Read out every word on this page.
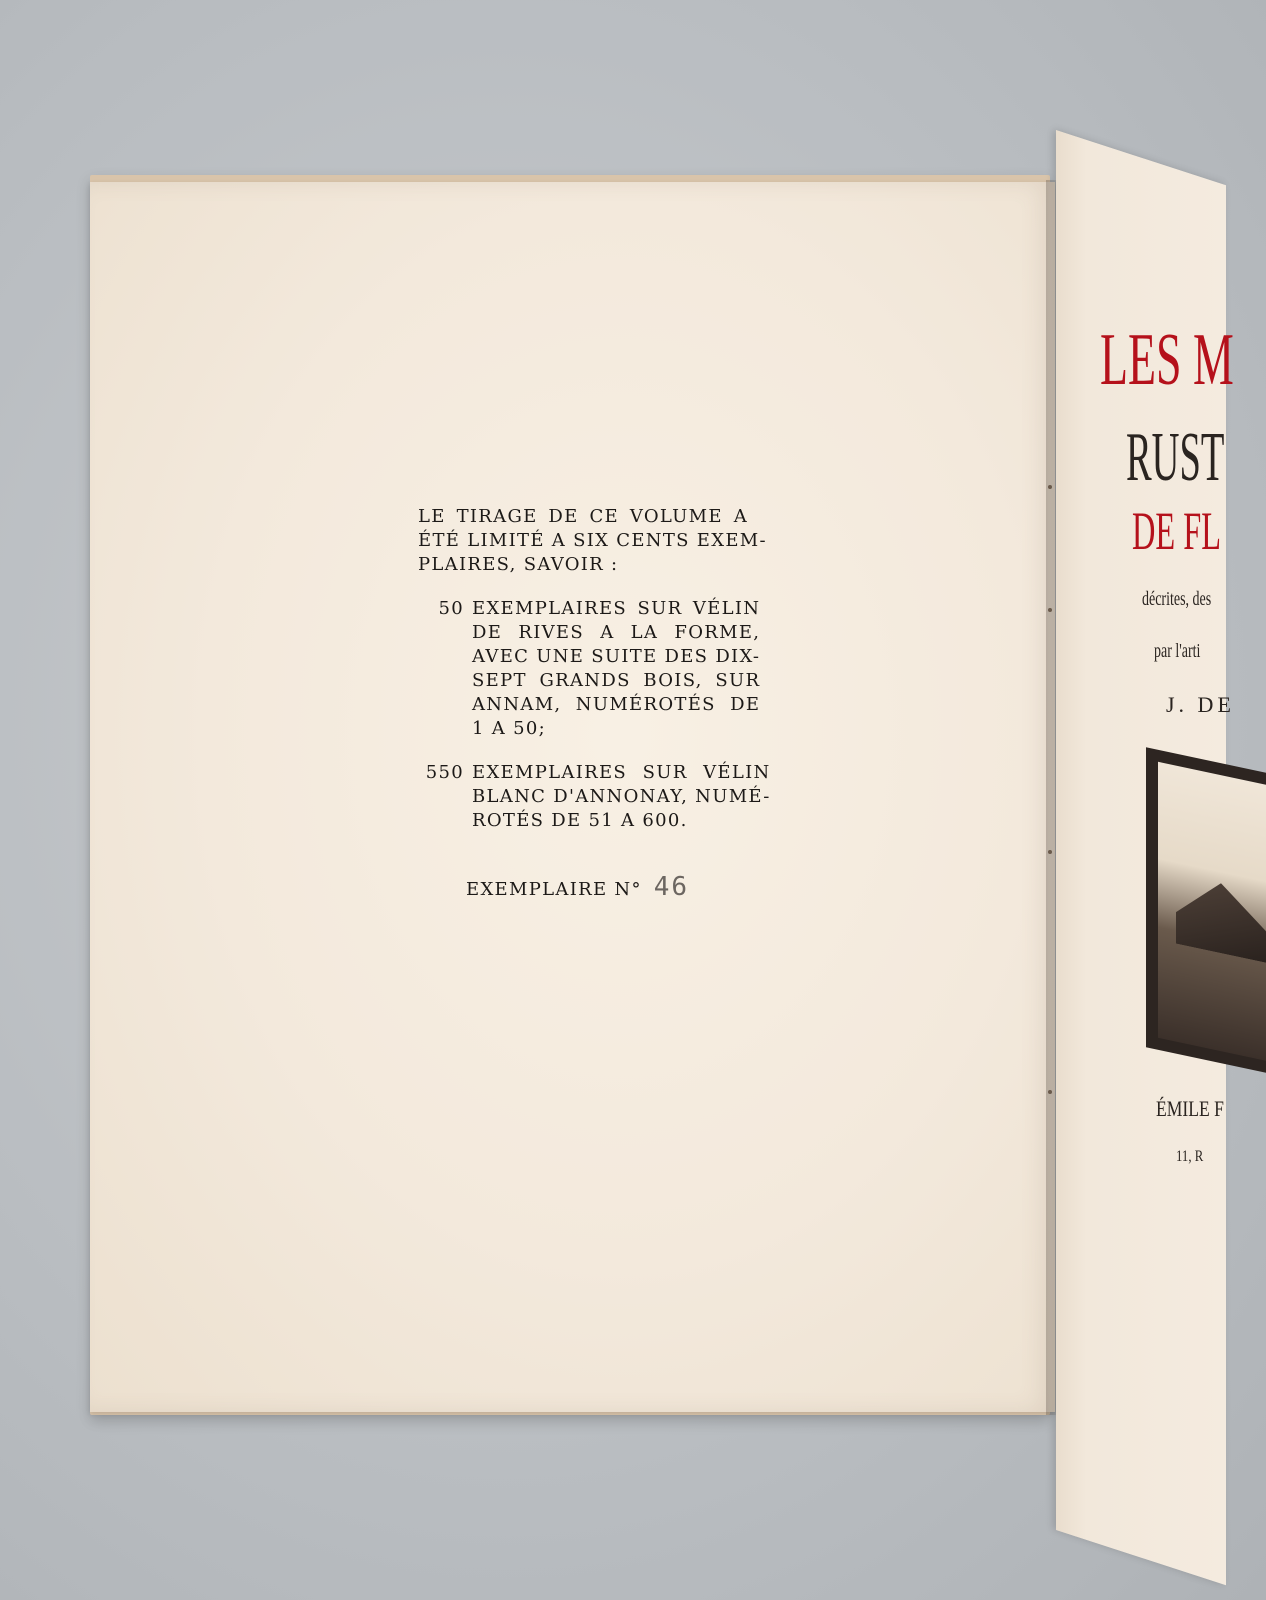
LE TIRAGE DE CE VOLUME A
ÉTÉ LIMITÉ A SIX CENTS EXEM-
PLAIRES, SAVOIR :
50 EXEMPLAIRES SUR VÉLIN
DE RIVES A LA FORME,
AVEC UNE SUITE DES DIX-
SEPT GRANDS BOIS, SUR
ANNAM, NUMÉROTÉS DE
1 A 50;
550 EXEMPLAIRES SUR VÉLIN
BLANC D'ANNONAY, NUMÉ-
ROTÉS DE 51 A 600.
EXEMPLAIRE N° 46
LES M
RUST
DE FL
décrites, des
par l'arti
J. DE
ÉMILE F
11, R
